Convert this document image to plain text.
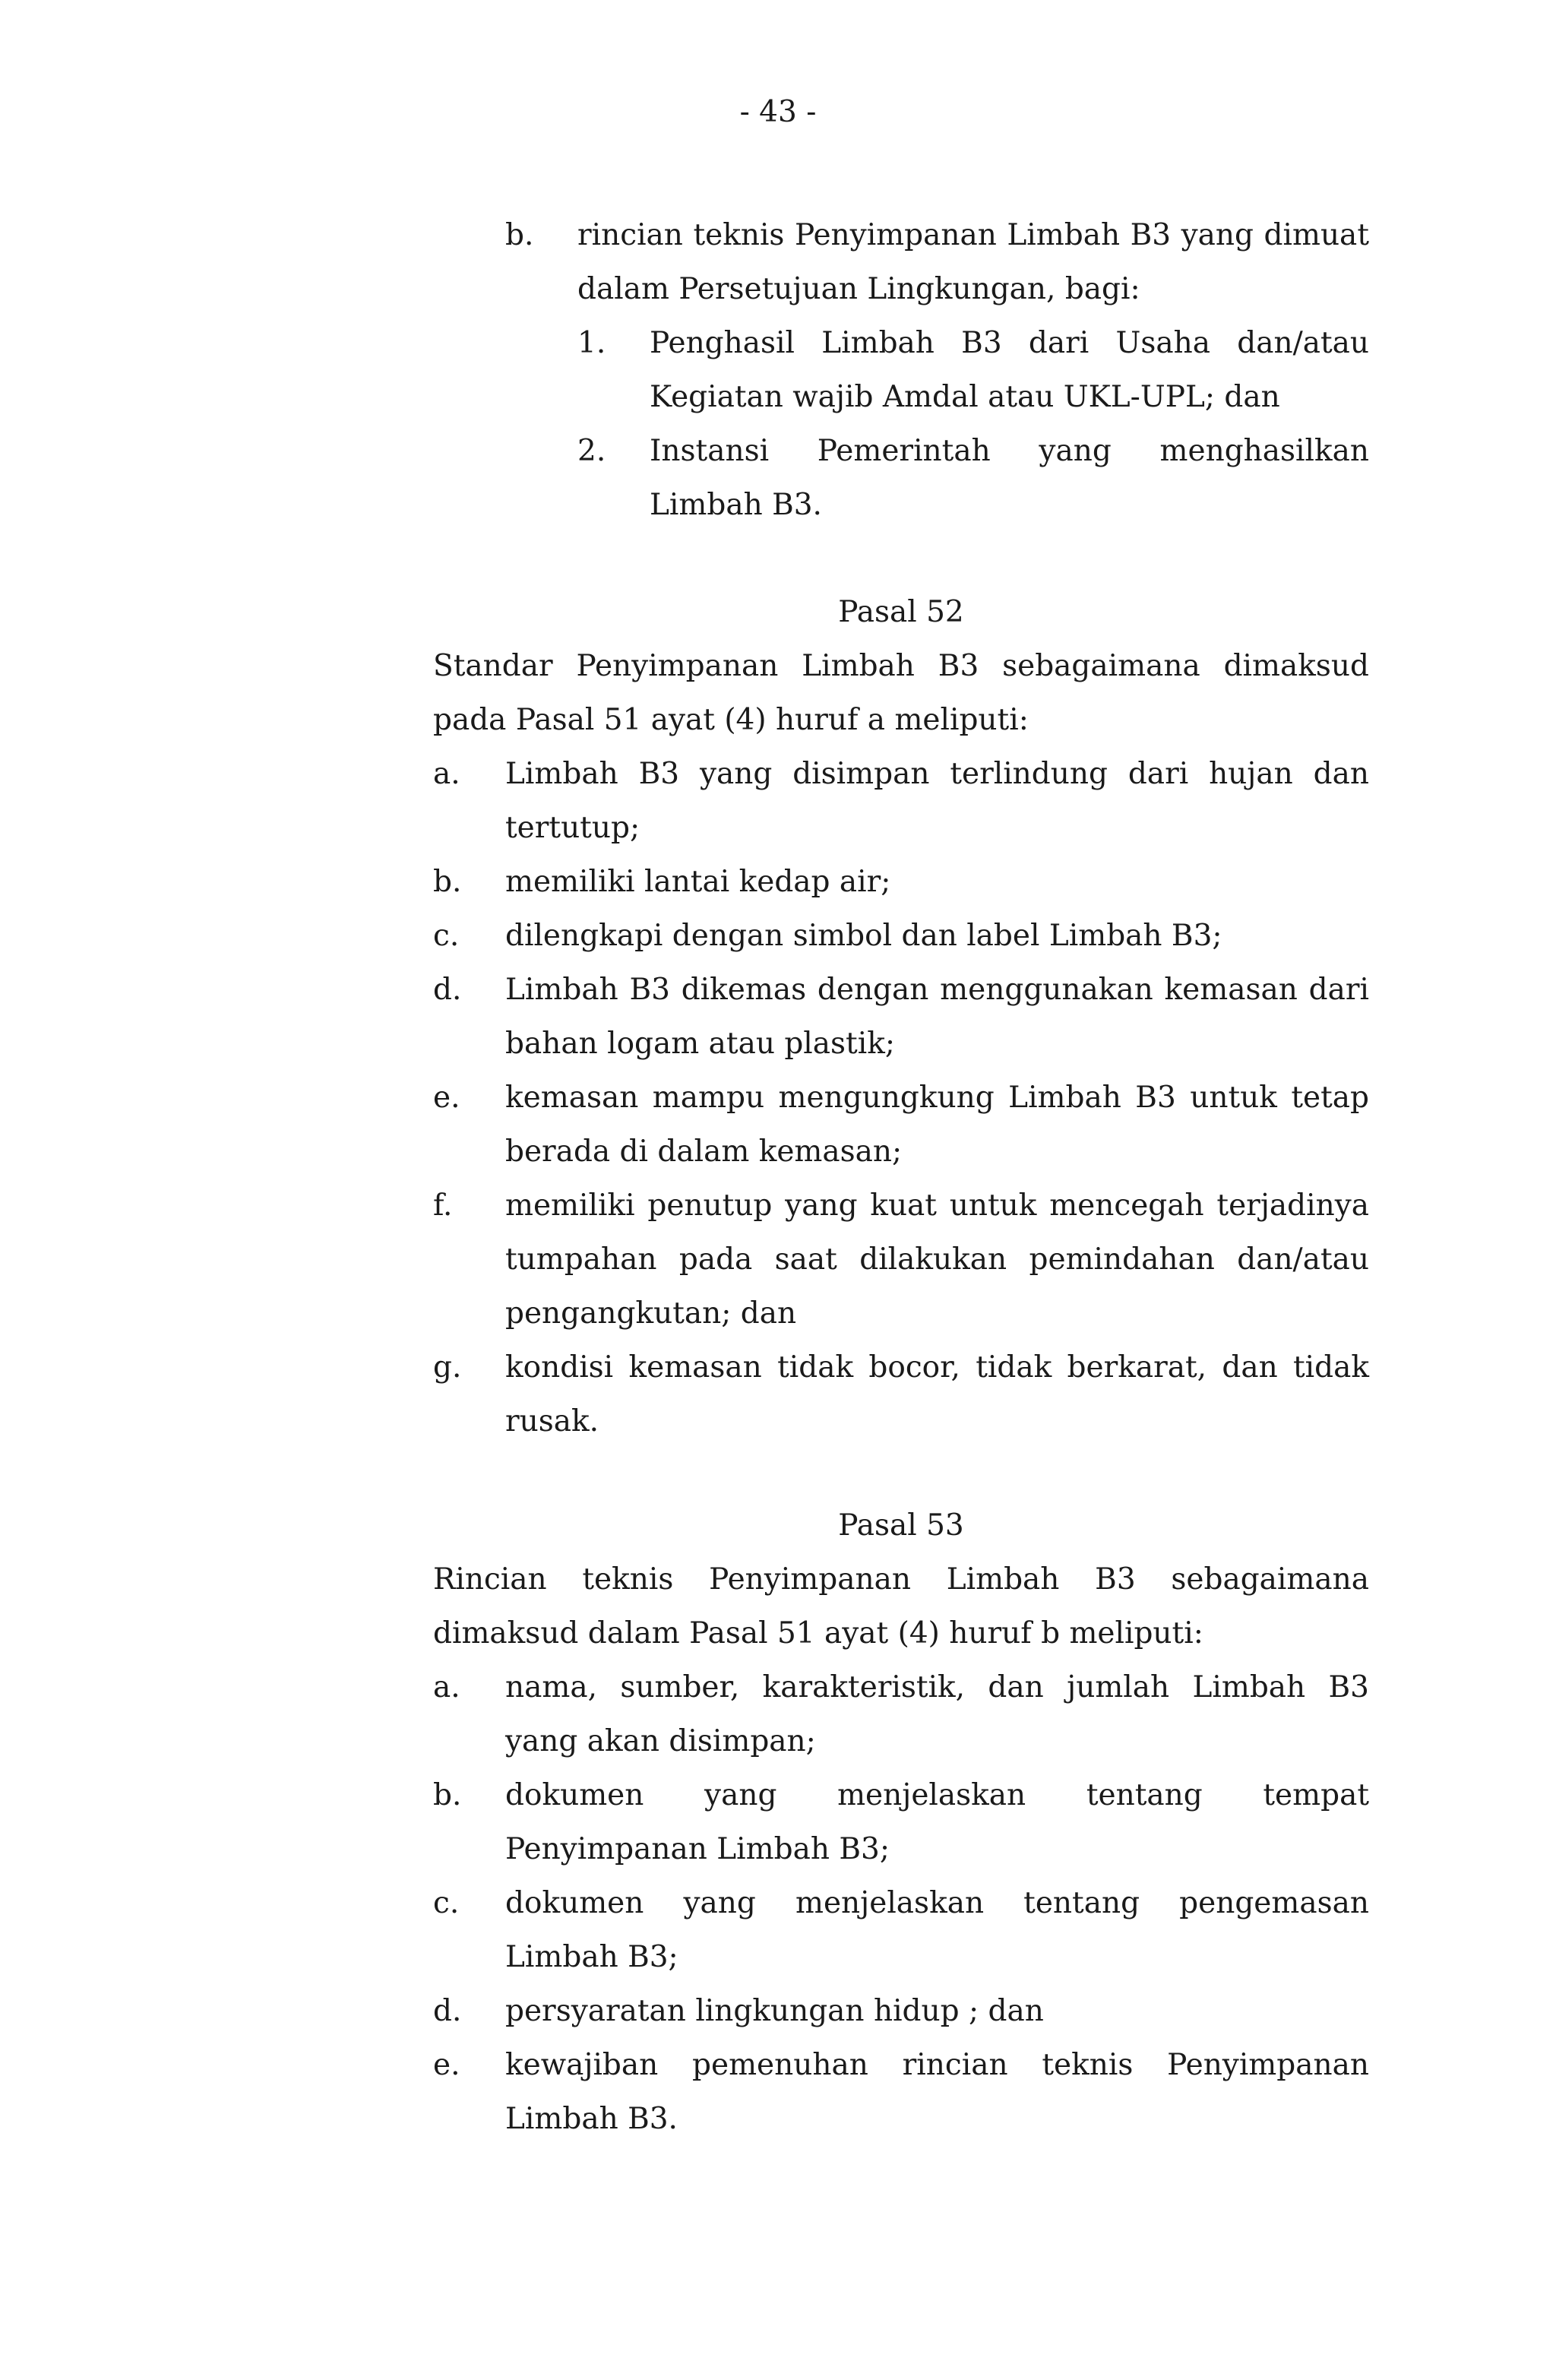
- 43 -
b. rincian teknis Penyimpanan Limbah B3 yang dimuat dalam Persetujuan Lingkungan, bagi:
1. Penghasil Limbah B3 dari Usaha dan/atau Kegiatan wajib Amdal atau UKL-UPL; dan
2. Instansi Pemerintah yang menghasilkan Limbah B3.
Pasal 52
Standar Penyimpanan Limbah B3 sebagaimana dimaksud pada Pasal 51 ayat (4) huruf a meliputi:
a. Limbah B3 yang disimpan terlindung dari hujan dan tertutup;
b. memiliki lantai kedap air;
c. dilengkapi dengan simbol dan label Limbah B3;
d. Limbah B3 dikemas dengan menggunakan kemasan dari bahan logam atau plastik;
e. kemasan mampu mengungkung Limbah B3 untuk tetap berada di dalam kemasan;
f. memiliki penutup yang kuat untuk mencegah terjadinya tumpahan pada saat dilakukan pemindahan dan/atau pengangkutan; dan
g. kondisi kemasan tidak bocor, tidak berkarat, dan tidak rusak.
Pasal 53
Rincian teknis Penyimpanan Limbah B3 sebagaimana dimaksud dalam Pasal 51 ayat (4) huruf b meliputi:
a. nama, sumber, karakteristik, dan jumlah Limbah B3 yang akan disimpan;
b. dokumen yang menjelaskan tentang tempat Penyimpanan Limbah B3;
c. dokumen yang menjelaskan tentang pengemasan Limbah B3;
d. persyaratan lingkungan hidup ; dan
e. kewajiban pemenuhan rincian teknis Penyimpanan Limbah B3.
